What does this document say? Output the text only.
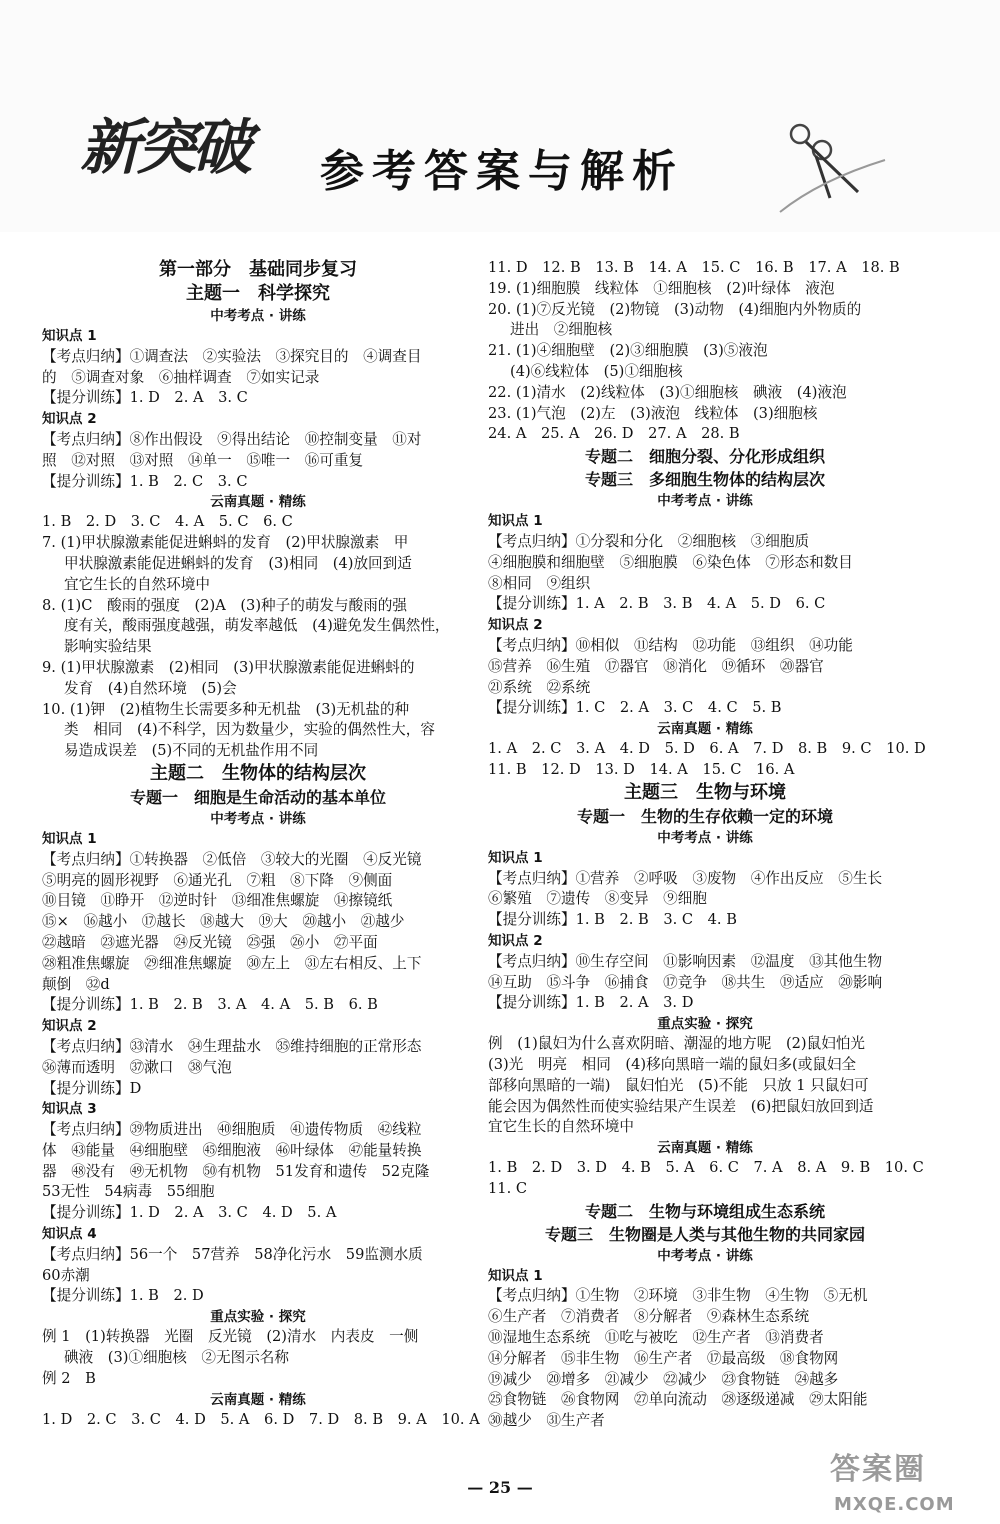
新突破 参考答案与解析
第一部分　基础同步复习
主题一　科学探究
中考考点 · 讲练
知识点 1
【考点归纳】①调查法　②实验法　③探究目的　④调查目
的　⑤调查对象　⑥抽样调查　⑦如实记录
【提分训练】1. D　2. A　3. C
知识点 2
【考点归纳】⑧作出假设　⑨得出结论　⑩控制变量　⑪对
照　⑫对照　⑬对照　⑭单一　⑮唯一　⑯可重复
【提分训练】1. B　2. C　3. C
云南真题 · 精练
1. B　2. D　3. C　4. A　5. C　6. C
7. (1)甲状腺激素能促进蝌蚪的发育　(2)甲状腺激素　甲
甲状腺激素能促进蝌蚪的发育　(3)相同　(4)放回到适
宜它生长的自然环境中
8. (1)C　酸雨的强度　(2)A　(3)种子的萌发与酸雨的强
度有关，酸雨强度越强，萌发率越低　(4)避免发生偶然性，
影响实验结果
9. (1)甲状腺激素　(2)相同　(3)甲状腺激素能促进蝌蚪的
发育　(4)自然环境　(5)会
10. (1)钾　(2)植物生长需要多种无机盐　(3)无机盐的种
类　相同　(4)不科学，因为数量少，实验的偶然性大，容
易造成误差　(5)不同的无机盐作用不同
主题二　生物体的结构层次
专题一　细胞是生命活动的基本单位
中考考点 · 讲练
知识点 1
【考点归纳】①转换器　②低倍　③较大的光圈　④反光镜
⑤明亮的圆形视野　⑥通光孔　⑦粗　⑧下降　⑨侧面
⑩目镜　⑪睁开　⑫逆时针　⑬细准焦螺旋　⑭擦镜纸
⑮×　⑯越小　⑰越长　⑱越大　⑲大　⑳越小　㉑越少
㉒越暗　㉓遮光器　㉔反光镜　㉕强　㉖小　㉗平面
㉘粗准焦螺旋　㉙细准焦螺旋　㉚左上　㉛左右相反、上下
颠倒　㉜d
【提分训练】1. B　2. B　3. A　4. A　5. B　6. B
知识点 2
【考点归纳】㉝清水　㉞生理盐水　㉟维持细胞的正常形态
㊱薄而透明　㊲漱口　㊳气泡
【提分训练】D
知识点 3
【考点归纳】㊴物质进出　㊵细胞质　㊶遗传物质　㊷线粒
体　㊸能量　㊹细胞壁　㊺细胞液　㊻叶绿体　㊼能量转换
器　㊽没有　㊾无机物　㊿有机物　51发育和遗传　52克隆
53无性　54病毒　55细胞
【提分训练】1. D　2. A　3. C　4. D　5. A
知识点 4
【考点归纳】56一个　57营养　58净化污水　59监测水质
60赤潮
【提分训练】1. B　2. D
重点实验 · 探究
例 1　(1)转换器　光圈　反光镜　(2)清水　内表皮　一侧
碘液　(3)①细胞核　②无图示名称
例 2　B
云南真题 · 精练
1. D　2. C　3. C　4. D　5. A　6. D　7. D　8. B　9. A　10. A
11. D　12. B　13. B　14. A　15. C　16. B　17. A　18. B
19. (1)细胞膜　线粒体　①细胞核　(2)叶绿体　液泡
20. (1)⑦反光镜　(2)物镜　(3)动物　(4)细胞内外物质的
进出　②细胞核
21. (1)④细胞壁　(2)③细胞膜　(3)⑤液泡
(4)⑥线粒体　(5)①细胞核
22. (1)清水　(2)线粒体　(3)①细胞核　碘液　(4)液泡
23. (1)气泡　(2)左　(3)液泡　线粒体　(3)细胞核
24. A　25. A　26. D　27. A　28. B
专题二　细胞分裂、分化形成组织
专题三　多细胞生物体的结构层次
中考考点 · 讲练
知识点 1
【考点归纳】①分裂和分化　②细胞核　③细胞质
④细胞膜和细胞壁　⑤细胞膜　⑥染色体　⑦形态和数目
⑧相同　⑨组织
【提分训练】1. A　2. B　3. B　4. A　5. D　6. C
知识点 2
【考点归纳】⑩相似　⑪结构　⑫功能　⑬组织　⑭功能
⑮营养　⑯生殖　⑰器官　⑱消化　⑲循环　⑳器官
㉑系统　㉒系统
【提分训练】1. C　2. A　3. C　4. C　5. B
云南真题 · 精练
1. A　2. C　3. A　4. D　5. D　6. A　7. D　8. B　9. C　10. D
11. B　12. D　13. D　14. A　15. C　16. A
主题三　生物与环境
专题一　生物的生存依赖一定的环境
中考考点 · 讲练
知识点 1
【考点归纳】①营养　②呼吸　③废物　④作出反应　⑤生长
⑥繁殖　⑦遗传　⑧变异　⑨细胞
【提分训练】1. B　2. B　3. C　4. B
知识点 2
【考点归纳】⑩生存空间　⑪影响因素　⑫温度　⑬其他生物
⑭互助　⑮斗争　⑯捕食　⑰竞争　⑱共生　⑲适应　⑳影响
【提分训练】1. B　2. A　3. D
重点实验 · 探究
例　(1)鼠妇为什么喜欢阴暗、潮湿的地方呢　(2)鼠妇怕光
(3)光　明亮　相同　(4)移向黑暗一端的鼠妇多(或鼠妇全
部移向黑暗的一端)　鼠妇怕光　(5)不能　只放 1 只鼠妇可
能会因为偶然性而使实验结果产生误差　(6)把鼠妇放回到适
宜它生长的自然环境中
云南真题 · 精练
1. B　2. D　3. D　4. B　5. A　6. C　7. A　8. A　9. B　10. C
11. C
专题二　生物与环境组成生态系统
专题三　生物圈是人类与其他生物的共同家园
中考考点 · 讲练
知识点 1
【考点归纳】①生物　②环境　③非生物　④生物　⑤无机
⑥生产者　⑦消费者　⑧分解者　⑨森林生态系统
⑩湿地生态系统　⑪吃与被吃　⑫生产者　⑬消费者
⑭分解者　⑮非生物　⑯生产者　⑰最高级　⑱食物网
⑲减少　⑳增多　㉑减少　㉒减少　㉓食物链　㉔越多
㉕食物链　㉖食物网　㉗单向流动　㉘逐级递减　㉙太阳能
㉚越少　㉛生产者
— 25 —
答案圈
MXQE.COM
